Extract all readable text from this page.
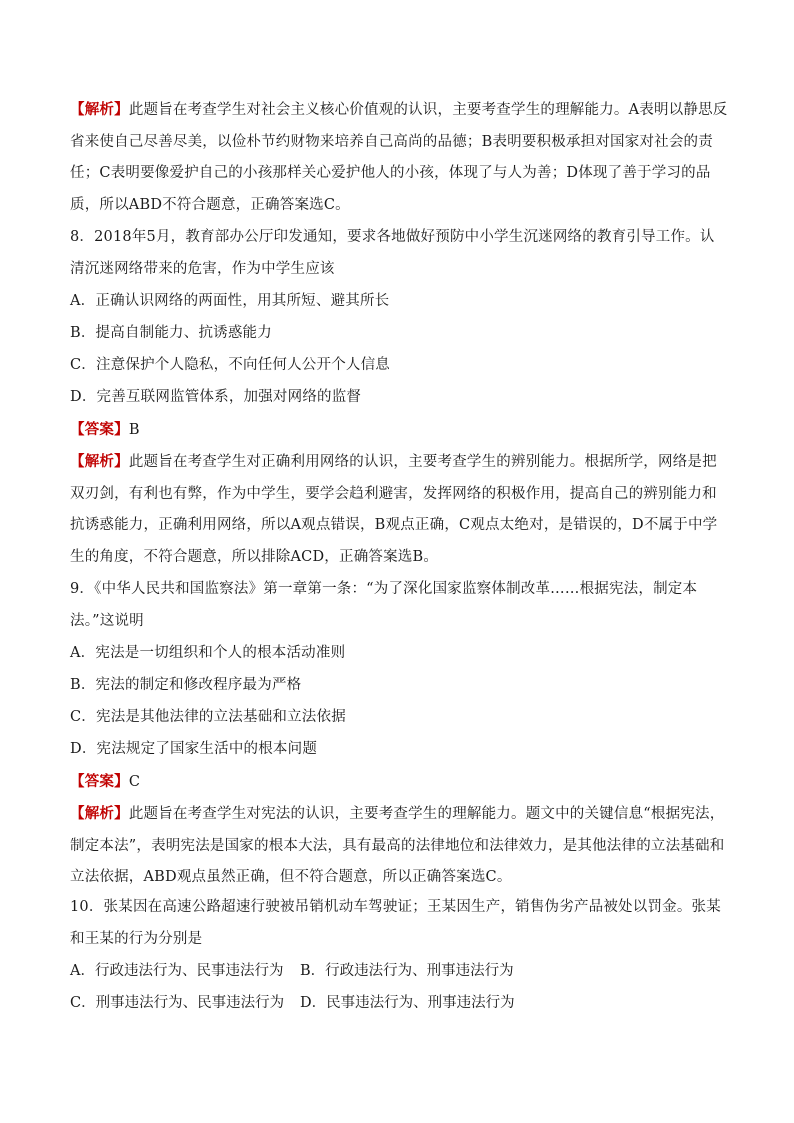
【解析】此题旨在考查学生对社会主义核心价值观的认识，主要考查学生的理解能力。A表明以静思反省来使自己尽善尽美，以俭朴节约财物来培养自己高尚的品德；B表明要积极承担对国家对社会的责任；C表明要像爱护自己的小孩那样关心爱护他人的小孩，体现了与人为善；D体现了善于学习的品质，所以ABD不符合题意，正确答案选C。
8．2018年5月，教育部办公厅印发通知，要求各地做好预防中小学生沉迷网络的教育引导工作。认清沉迷网络带来的危害，作为中学生应该
A．正确认识网络的两面性，用其所短、避其所长
B．提高自制能力、抗诱惑能力
C．注意保护个人隐私，不向任何人公开个人信息
D．完善互联网监管体系，加强对网络的监督
【答案】B
【解析】此题旨在考查学生对正确利用网络的认识，主要考查学生的辨别能力。根据所学，网络是把双刃剑，有利也有弊，作为中学生，要学会趋利避害，发挥网络的积极作用，提高自己的辨别能力和抗诱惑能力，正确利用网络，所以A观点错误，B观点正确，C观点太绝对，是错误的，D不属于中学生的角度，不符合题意，所以排除ACD，正确答案选B。
9．《中华人民共和国监察法》第一章第一条：“为了深化国家监察体制改革……根据宪法，制定本法。”这说明
A．宪法是一切组织和个人的根本活动准则
B．宪法的制定和修改程序最为严格
C．宪法是其他法律的立法基础和立法依据
D．宪法规定了国家生活中的根本问题
【答案】C
【解析】此题旨在考查学生对宪法的认识，主要考查学生的理解能力。题文中的关键信息“根据宪法，制定本法”，表明宪法是国家的根本大法，具有最高的法律地位和法律效力，是其他法律的立法基础和立法依据，ABD观点虽然正确，但不符合题意，所以正确答案选C。
10．张某因在高速公路超速行驶被吊销机动车驾驶证；王某因生产，销售伪劣产品被处以罚金。张某和王某的行为分别是
A．行政违法行为、民事违法行为 B．行政违法行为、刑事违法行为
C．刑事违法行为、民事违法行为 D．民事违法行为、刑事违法行为
